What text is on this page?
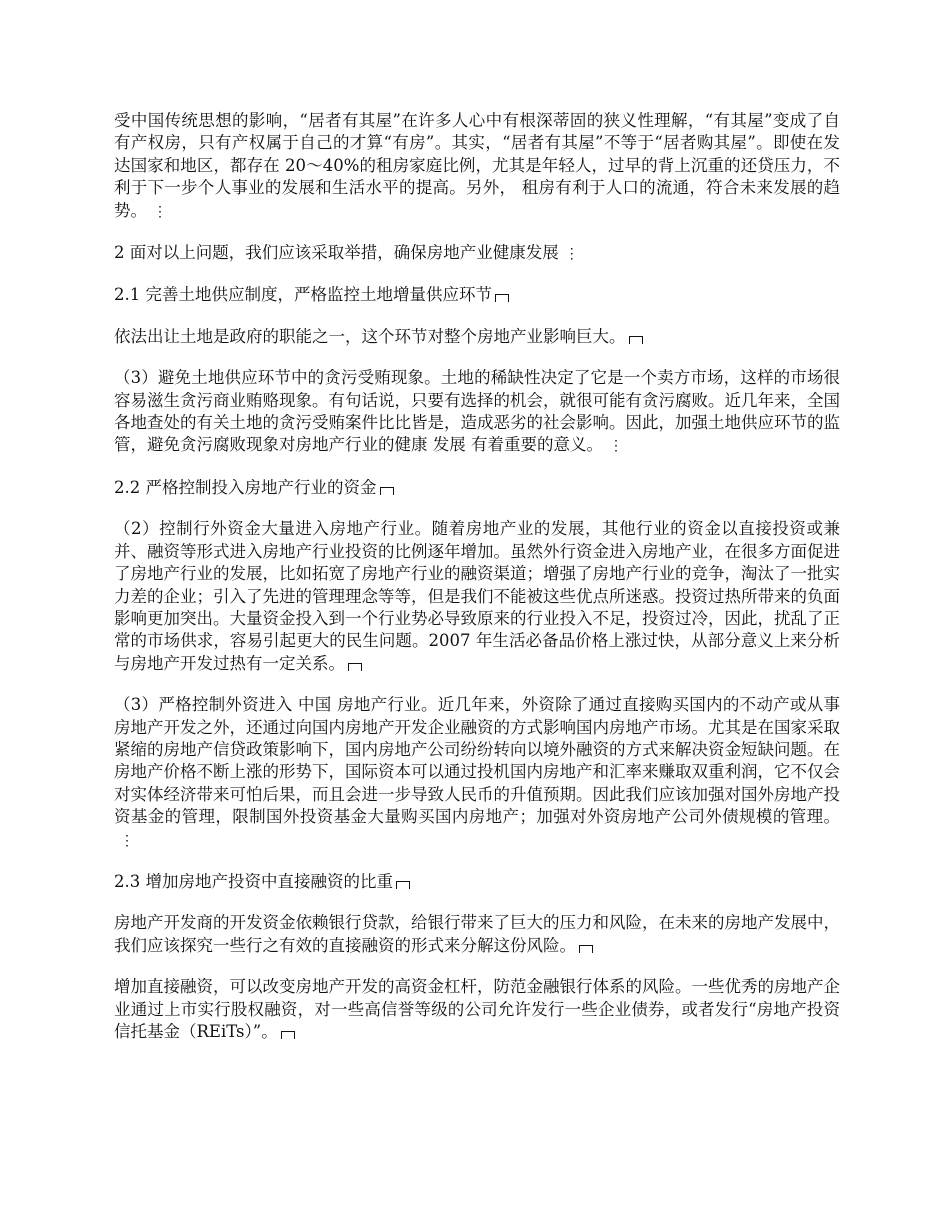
受中国传统思想的影响，“居者有其屋”在许多人心中有根深蒂固的狭义性理解，“有其屋”变成了自有产权房，只有产权属于自己的才算“有房”。其实，“居者有其屋”不等于“居者购其屋”。即使在发达国家和地区，都存在 20～40%的租房家庭比例，尤其是年轻人，过早的背上沉重的还贷压力，不利于下一步个人事业的发展和生活水平的提高。另外， 租房有利于人口的流通，符合未来发展的趋势。 ⋮

2 面对以上问题，我们应该采取举措，确保房地产业健康发展 ⋮

2.1 完善土地供应制度，严格监控土地增量供应环节

依法出让土地是政府的职能之一，这个环节对整个房地产业影响巨大。

（3）避免土地供应环节中的贪污受贿现象。土地的稀缺性决定了它是一个卖方市场，这样的市场很容易滋生贪污商业贿赂现象。有句话说，只要有选择的机会，就很可能有贪污腐败。近几年来，全国各地查处的有关土地的贪污受贿案件比比皆是，造成恶劣的社会影响。因此，加强土地供应环节的监管，避免贪污腐败现象对房地产行业的健康 发展 有着重要的意义。 ⋮

2.2 严格控制投入房地产行业的资金

（2）控制行外资金大量进入房地产行业。随着房地产业的发展，其他行业的资金以直接投资或兼并、融资等形式进入房地产行业投资的比例逐年增加。虽然外行资金进入房地产业，在很多方面促进了房地产行业的发展，比如拓宽了房地产行业的融资渠道；增强了房地产行业的竞争，淘汰了一批实力差的企业；引入了先进的管理理念等等，但是我们不能被这些优点所迷惑。投资过热所带来的负面影响更加突出。大量资金投入到一个行业势必导致原来的行业投入不足，投资过冷，因此，扰乱了正常的市场供求，容易引起更大的民生问题。2007 年生活必备品价格上涨过快，从部分意义上来分析与房地产开发过热有一定关系。

（3）严格控制外资进入 中国 房地产行业。近几年来，外资除了通过直接购买国内的不动产或从事房地产开发之外，还通过向国内房地产开发企业融资的方式影响国内房地产市场。尤其是在国家采取紧缩的房地产信贷政策影响下，国内房地产公司纷纷转向以境外融资的方式来解决资金短缺问题。在房地产价格不断上涨的形势下，国际资本可以通过投机国内房地产和汇率来赚取双重利润，它不仅会对实体经济带来可怕后果，而且会进一步导致人民币的升值预期。因此我们应该加强对国外房地产投资基金的管理，限制国外投资基金大量购买国内房地产；加强对外资房地产公司外债规模的管理。⋮

2.3 增加房地产投资中直接融资的比重

房地产开发商的开发资金依赖银行贷款，给银行带来了巨大的压力和风险，在未来的房地产发展中，我们应该探究一些行之有效的直接融资的形式来分解这份风险。

增加直接融资，可以改变房地产开发的高资金杠杆，防范金融银行体系的风险。一些优秀的房地产企业通过上市实行股权融资，对一些高信誉等级的公司允许发行一些企业债券，或者发行“房地产投资信托基金（REiTs）”。
